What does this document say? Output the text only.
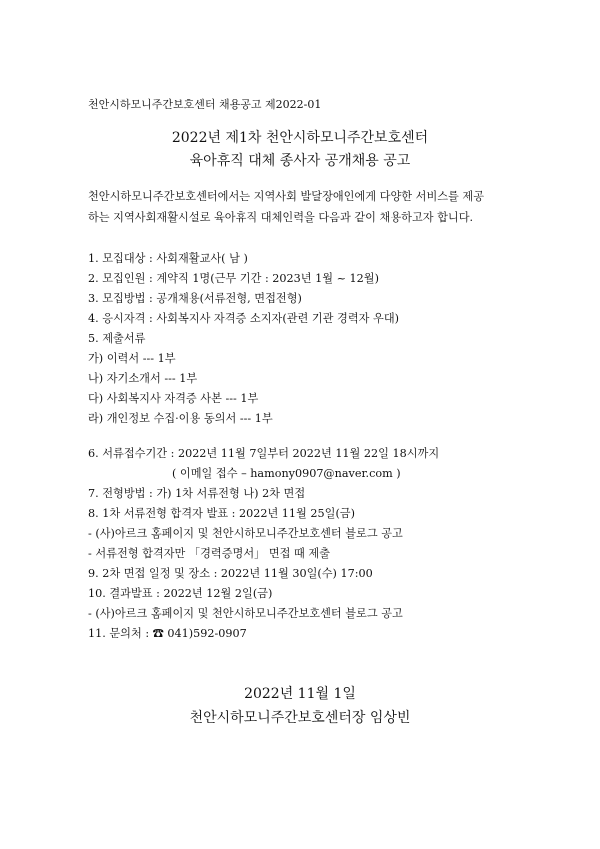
천안시하모니주간보호센터 채용공고 제2022-01
2022년 제1차 천안시하모니주간보호센터
육아휴직 대체 종사자 공개채용 공고
천안시하모니주간보호센터에서는 지역사회 발달장애인에게 다양한 서비스를 제공
하는 지역사회재활시설로 육아휴직 대체인력을 다음과 같이 채용하고자 합니다.
1. 모집대상 : 사회재활교사( 남 )
2. 모집인원 : 계약직 1명(근무 기간 : 2023년 1월 ~ 12월)
3. 모집방법 : 공개채용(서류전형, 면접전형)
4. 응시자격 : 사회복지사 자격증 소지자(관련 기관 경력자 우대)
5. 제출서류
가) 이력서 --- 1부
나) 자기소개서 --- 1부
다) 사회복지사 자격증 사본 --- 1부
라) 개인정보 수집·이용 동의서 --- 1부
6. 서류접수기간 : 2022년 11월 7일부터 2022년 11월 22일 18시까지
( 이메일 접수 – hamony0907@naver.com )
7. 전형방법 : 가) 1차 서류전형 나) 2차 면접
8. 1차 서류전형 합격자 발표 : 2022년 11월 25일(금)
- (사)아르크 홈페이지 및 천안시하모니주간보호센터 블로그 공고
- 서류전형 합격자만 「경력증명서」 면접 때 제출
9. 2차 면접 일정 및 장소 : 2022년 11월 30일(수) 17:00
10. 결과발표 : 2022년 12월 2일(금)
- (사)아르크 홈페이지 및 천안시하모니주간보호센터 블로그 공고
11. 문의처 : ☎ 041)592-0907
2022년 11월 1일
천안시하모니주간보호센터장 임상빈
